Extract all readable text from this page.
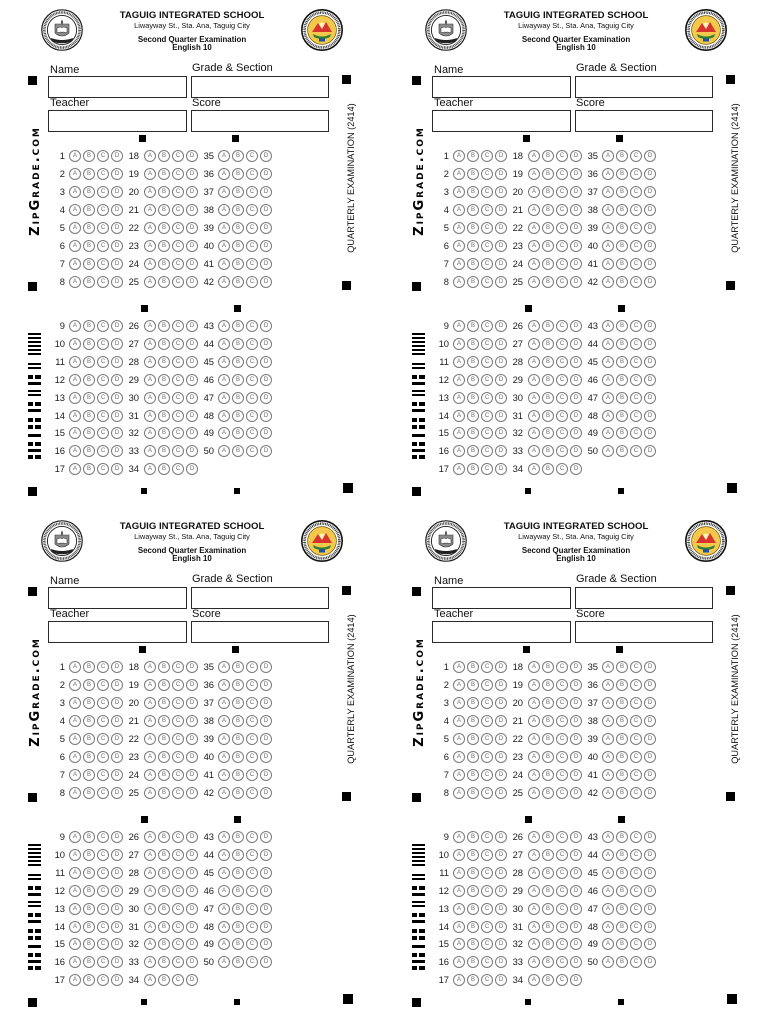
TAGUIG INTEGRATED SCHOOL
Liwayway St., Sta. Ana, Taguig City
Second Quarter Examination
English 10
Name	Grade & Section
Teacher	Score
ZipGrade.com	QUARTERLY EXAMINATION (2414)
1	A	B	C	D
2	A	B	C	D
3	A	B	C	D
4	A	B	C	D
5	A	B	C	D
6	A	B	C	D
7	A	B	C	D
8	A	B	C	D
18	A	B	C	D
19	A	B	C	D
20	A	B	C	D
21	A	B	C	D
22	A	B	C	D
23	A	B	C	D
24	A	B	C	D
25	A	B	C	D
35	A	B	C	D
36	A	B	C	D
37	A	B	C	D
38	A	B	C	D
39	A	B	C	D
40	A	B	C	D
41	A	B	C	D
42	A	B	C	D
9	A	B	C	D
10	A	B	C	D
11	A	B	C	D
12	A	B	C	D
13	A	B	C	D
14	A	B	C	D
15	A	B	C	D
16	A	B	C	D
17	A	B	C	D
26	A	B	C	D
27	A	B	C	D
28	A	B	C	D
29	A	B	C	D
30	A	B	C	D
31	A	B	C	D
32	A	B	C	D
33	A	B	C	D
34	A	B	C	D
43	A	B	C	D
44	A	B	C	D
45	A	B	C	D
46	A	B	C	D
47	A	B	C	D
48	A	B	C	D
49	A	B	C	D
50	A	B	C	D
TAGUIG INTEGRATED SCHOOL
Liwayway St., Sta. Ana, Taguig City
Second Quarter Examination
English 10
Name	Grade & Section
Teacher	Score
ZipGrade.com	QUARTERLY EXAMINATION (2414)
1	A	B	C	D
2	A	B	C	D
3	A	B	C	D
4	A	B	C	D
5	A	B	C	D
6	A	B	C	D
7	A	B	C	D
8	A	B	C	D
18	A	B	C	D
19	A	B	C	D
20	A	B	C	D
21	A	B	C	D
22	A	B	C	D
23	A	B	C	D
24	A	B	C	D
25	A	B	C	D
35	A	B	C	D
36	A	B	C	D
37	A	B	C	D
38	A	B	C	D
39	A	B	C	D
40	A	B	C	D
41	A	B	C	D
42	A	B	C	D
9	A	B	C	D
10	A	B	C	D
11	A	B	C	D
12	A	B	C	D
13	A	B	C	D
14	A	B	C	D
15	A	B	C	D
16	A	B	C	D
17	A	B	C	D
26	A	B	C	D
27	A	B	C	D
28	A	B	C	D
29	A	B	C	D
30	A	B	C	D
31	A	B	C	D
32	A	B	C	D
33	A	B	C	D
34	A	B	C	D
43	A	B	C	D
44	A	B	C	D
45	A	B	C	D
46	A	B	C	D
47	A	B	C	D
48	A	B	C	D
49	A	B	C	D
50	A	B	C	D
TAGUIG INTEGRATED SCHOOL
Liwayway St., Sta. Ana, Taguig City
Second Quarter Examination
English 10
Name	Grade & Section
Teacher	Score
ZipGrade.com	QUARTERLY EXAMINATION (2414)
1	A	B	C	D
2	A	B	C	D
3	A	B	C	D
4	A	B	C	D
5	A	B	C	D
6	A	B	C	D
7	A	B	C	D
8	A	B	C	D
18	A	B	C	D
19	A	B	C	D
20	A	B	C	D
21	A	B	C	D
22	A	B	C	D
23	A	B	C	D
24	A	B	C	D
25	A	B	C	D
35	A	B	C	D
36	A	B	C	D
37	A	B	C	D
38	A	B	C	D
39	A	B	C	D
40	A	B	C	D
41	A	B	C	D
42	A	B	C	D
9	A	B	C	D
10	A	B	C	D
11	A	B	C	D
12	A	B	C	D
13	A	B	C	D
14	A	B	C	D
15	A	B	C	D
16	A	B	C	D
17	A	B	C	D
26	A	B	C	D
27	A	B	C	D
28	A	B	C	D
29	A	B	C	D
30	A	B	C	D
31	A	B	C	D
32	A	B	C	D
33	A	B	C	D
34	A	B	C	D
43	A	B	C	D
44	A	B	C	D
45	A	B	C	D
46	A	B	C	D
47	A	B	C	D
48	A	B	C	D
49	A	B	C	D
50	A	B	C	D
TAGUIG INTEGRATED SCHOOL
Liwayway St., Sta. Ana, Taguig City
Second Quarter Examination
English 10
Name	Grade & Section
Teacher	Score
ZipGrade.com	QUARTERLY EXAMINATION (2414)
1	A	B	C	D
2	A	B	C	D
3	A	B	C	D
4	A	B	C	D
5	A	B	C	D
6	A	B	C	D
7	A	B	C	D
8	A	B	C	D
18	A	B	C	D
19	A	B	C	D
20	A	B	C	D
21	A	B	C	D
22	A	B	C	D
23	A	B	C	D
24	A	B	C	D
25	A	B	C	D
35	A	B	C	D
36	A	B	C	D
37	A	B	C	D
38	A	B	C	D
39	A	B	C	D
40	A	B	C	D
41	A	B	C	D
42	A	B	C	D
9	A	B	C	D
10	A	B	C	D
11	A	B	C	D
12	A	B	C	D
13	A	B	C	D
14	A	B	C	D
15	A	B	C	D
16	A	B	C	D
17	A	B	C	D
26	A	B	C	D
27	A	B	C	D
28	A	B	C	D
29	A	B	C	D
30	A	B	C	D
31	A	B	C	D
32	A	B	C	D
33	A	B	C	D
34	A	B	C	D
43	A	B	C	D
44	A	B	C	D
45	A	B	C	D
46	A	B	C	D
47	A	B	C	D
48	A	B	C	D
49	A	B	C	D
50	A	B	C	D
